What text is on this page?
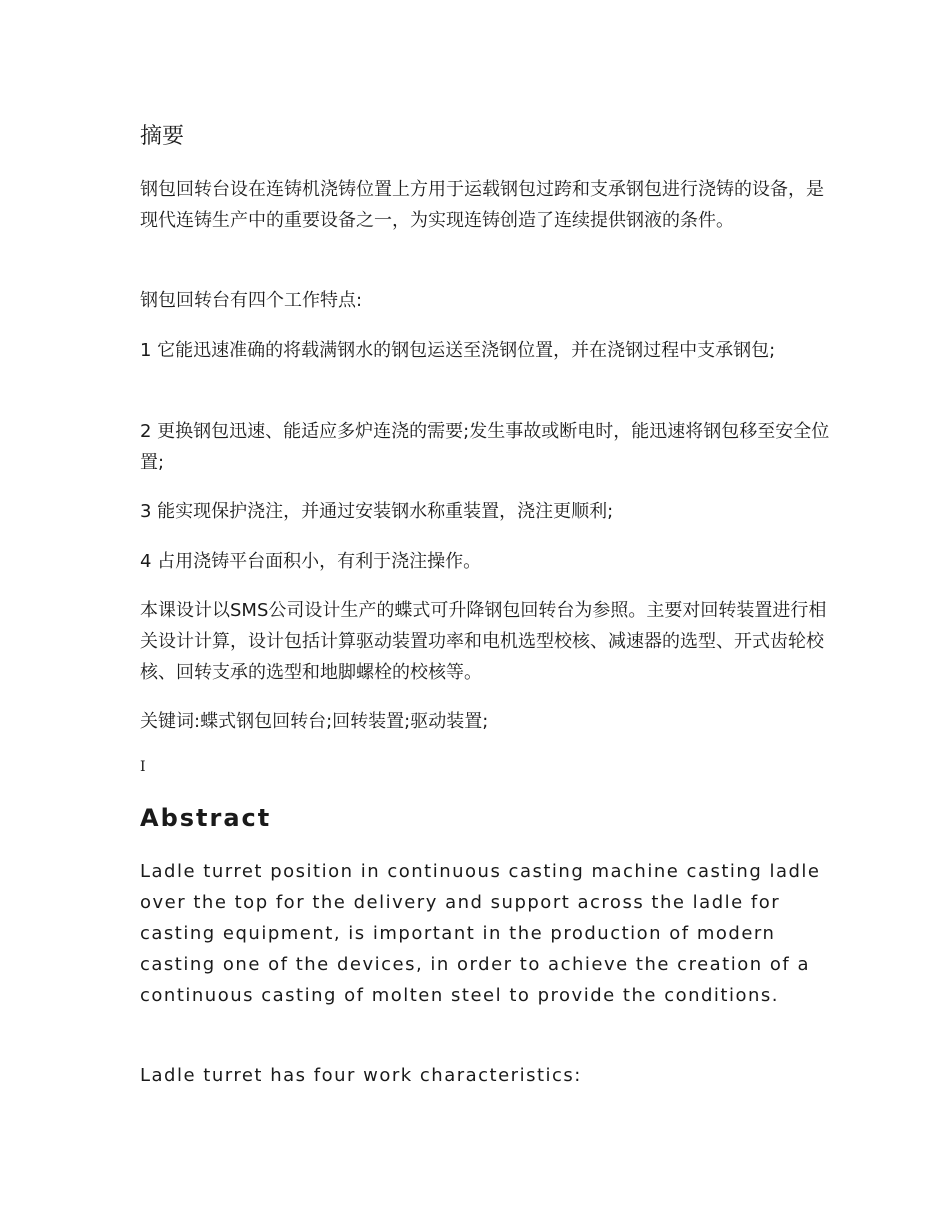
摘要

钢包回转台设在连铸机浇铸位置上方用于运载钢包过跨和支承钢包进行浇铸的设备，是现代连铸生产中的重要设备之一，为实现连铸创造了连续提供钢液的条件。

钢包回转台有四个工作特点:

1 它能迅速准确的将载满钢水的钢包运送至浇钢位置，并在浇钢过程中支承钢包;

2 更换钢包迅速、能适应多炉连浇的需要;发生事故或断电时，能迅速将钢包移至安全位置;

3 能实现保护浇注，并通过安装钢水称重装置，浇注更顺利;

4 占用浇铸平台面积小，有利于浇注操作。

本课设计以SMS公司设计生产的蝶式可升降钢包回转台为参照。主要对回转装置进行相关设计计算，设计包括计算驱动装置功率和电机选型校核、减速器的选型、开式齿轮校核、回转支承的选型和地脚螺栓的校核等。

关键词:蝶式钢包回转台;回转装置;驱动装置;

I

Abstract

Ladle turret position in continuous casting machine casting ladle over the top for the delivery and support across the ladle for casting equipment, is important in the production of modern casting one of the devices, in order to achieve the creation of a continuous casting of molten steel to provide the conditions.

Ladle turret has four work characteristics:
